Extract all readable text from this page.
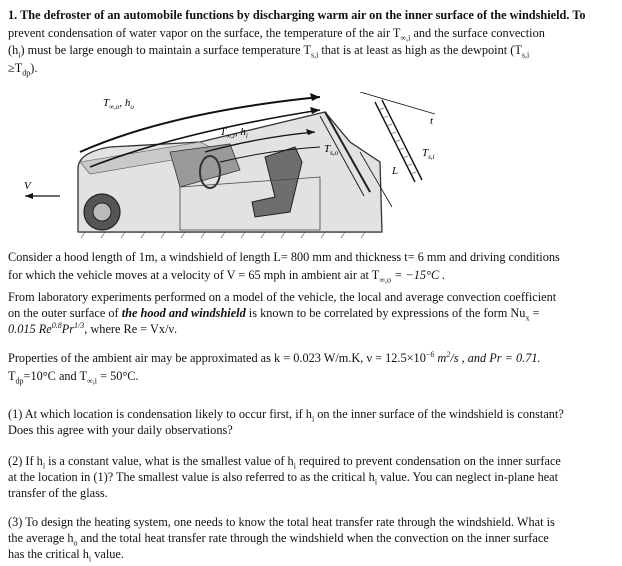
1. The defroster of an automobile functions by discharging warm air on the inner surface of the windshield. To
prevent condensation of water vapor on the surface, the temperature of the air $T_{\infty,i}$ and the surface convection
$(h_i)$ must be large enough to maintain a surface temperature $T_{s,i}$ that is at least as high as the dewpoint ($T_{s,i}$
$\ge T_{dp}$).
$T_{\infty,o}$, $h_o$
$T_{\infty,i}$, $h_i$
$T_{s,o}$	$T_{s,i}$
L
t
V
Consider a hood length of 1m, a windshield of length L= 800 mm and thickness t= 6 mm and driving conditions
for which the vehicle moves at a velocity of V = 65 mph in ambient air at $T_{\infty,o} = -15^\circ C$ .
From laboratory experiments performed on a model of the vehicle, the local and average convection coefficient
on the outer surface of the hood and windshield is known to be correlated by expressions of the form $Nu_x$ =
0.015 $Re^{0.8}Pr^{1/3}$, where Re = Vx/ν.
Properties of the ambient air may be approximated as k = 0.023 W/m.K, $\nu = 12.5\times 10^{-6}$ $m^2/s$ , and Pr = 0.71.
$T_{dp}=10^\circ C$ and $T_{\infty,i} = 50^\circ C$.
(1) At which location is condensation likely to occur first, if $h_i$ on the inner surface of the windshield is constant?
Does this agree with your daily observations?
(2) If $h_i$ is a constant value, what is the smallest value of $h_i$ required to prevent condensation on the inner surface
at the location in (1)? The smallest value is also referred to as the critical $h_i$ value. You can neglect in-plane heat
transfer of the glass.
(3) To design the heating system, one needs to know the total heat transfer rate through the windshield. What is
the average $h_o$ and the total heat transfer rate through the windshield when the convection on the inner surface
has the critical $h_i$ value.
